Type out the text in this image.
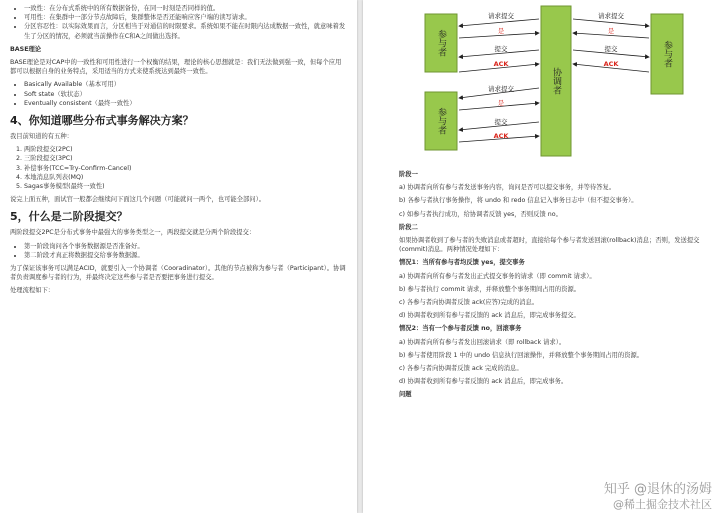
• 一致性：在分布式系统中的所有数据备份，在同一时刻是否同样的值。
• 可用性：在集群中一部分节点故障后，集群整体是否还能响应客户端的读写请求。
• 分区容忍性：以实际效果而言，分区相当于对通信的时限要求。系统如果不能在时限内达成数据一致性，就意味着发生了分区的情况，必须就当前操作在C和A之间做出选择。

BASE理论

BASE理论是对CAP中的一致性和可用性进行一个权衡的结果，理论的核心思想就是：我们无法做到强一致，但每个应用都可以根据自身的业务特点，采用适当的方式来使系统达到最终一致性。

• Basically Available（基本可用）
• Soft state（软状态）
• Eventually consistent（最终一致性）
4、你知道哪些分布式事务解决方案？

我目前知道的有五种：

1. 两阶段提交(2PC)
2. 三阶段提交(3PC)
3. 补偿事务(TCC=Try-Confirm-Cancel)
4. 本地消息队列表(MQ)
5. Sagas事务模型(最终一致性)

说完上面五种，面试官一般都会继续问下面这几个问题（可能就问一两个，也可能全部问）。

5，什么是二阶段提交？

两阶段提交2PC是分布式事务中最强大的事务类型之一，两段提交就是分两个阶段提交：

• 第一阶段询问各个事务数据源是否准备好。
• 第二阶段才真正将数据提交给事务数据源。

为了保证该事务可以满足ACID，就要引入一个协调者（Cooradinator）。其他的节点被称为参与者（Participant）。协调者负责调度参与者的行为，并最终决定这些参与者是否要把事务进行提交。

处理流程如下：

参与者
参与者
协调者
参与者
请求提交
是
提交
ACK
请求提交
是
提交
ACK
请求提交
是
提交
ACK

阶段一

a) 协调者向所有参与者发送事务内容，询问是否可以提交事务，并等待答复。

b) 各参与者执行事务操作，将 undo 和 redo 信息记入事务日志中（但不提交事务）。

c) 如参与者执行成功，给协调者反馈 yes，否则反馈 no。

阶段二

如果协调者收到了参与者的失败消息或者超时，直接给每个参与者发送回滚(rollback)消息；否则，发送提交(commit)消息。两种情况处理如下：

情况1：当所有参与者均反馈 yes，提交事务

a) 协调者向所有参与者发出正式提交事务的请求（即 commit 请求）。

b) 参与者执行 commit 请求，并释放整个事务期间占用的资源。

c) 各参与者向协调者反馈 ack(应答)完成的消息。

d) 协调者收到所有参与者反馈的 ack 消息后，即完成事务提交。

情况2：当有一个参与者反馈 no，回滚事务

a) 协调者向所有参与者发出回滚请求（即 rollback 请求）。

b) 参与者使用阶段 1 中的 undo 信息执行回滚操作，并释放整个事务期间占用的资源。

c) 各参与者向协调者反馈 ack 完成的消息。

d) 协调者收到所有参与者反馈的 ack 消息后，即完成事务。

问题

知乎 @退休的汤姆
@稀土掘金技术社区
